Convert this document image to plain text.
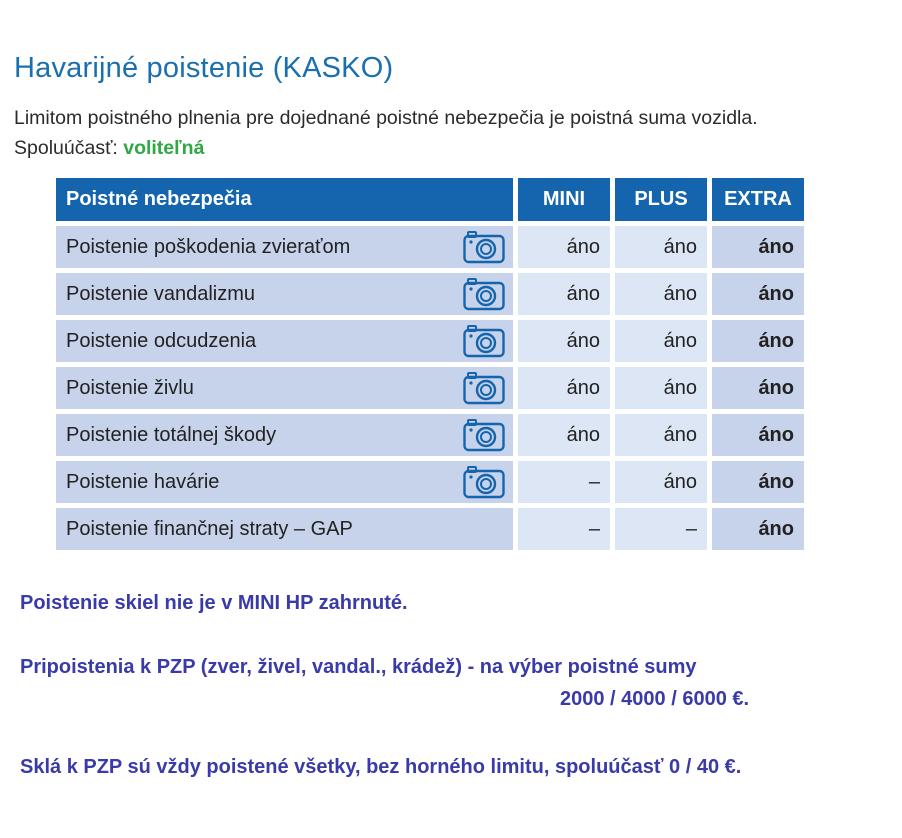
Havarijné poistenie (KASKO)
Limitom poistného plnenia pre dojednané poistné nebezpečia je poistná suma vozidla.
Spoluúčasť: voliteľná
Poistné nebezpečia	MINI	PLUS	EXTRA
Poistenie poškodenia zvieraťom	áno	áno	áno
Poistenie vandalizmu	áno	áno	áno
Poistenie odcudzenia	áno	áno	áno
Poistenie živlu	áno	áno	áno
Poistenie totálnej škody	áno	áno	áno
Poistenie havárie	–	áno	áno
Poistenie finančnej straty – GAP	–	–	áno
Poistenie skiel nie je v MINI HP zahrnuté.
Pripoistenia k PZP (zver, živel, vandal., krádež) - na výber poistné sumy
2000 / 4000 / 6000 €.
Sklá k PZP sú vždy poistené všetky, bez horného limitu, spoluúčasť 0 / 40 €.
